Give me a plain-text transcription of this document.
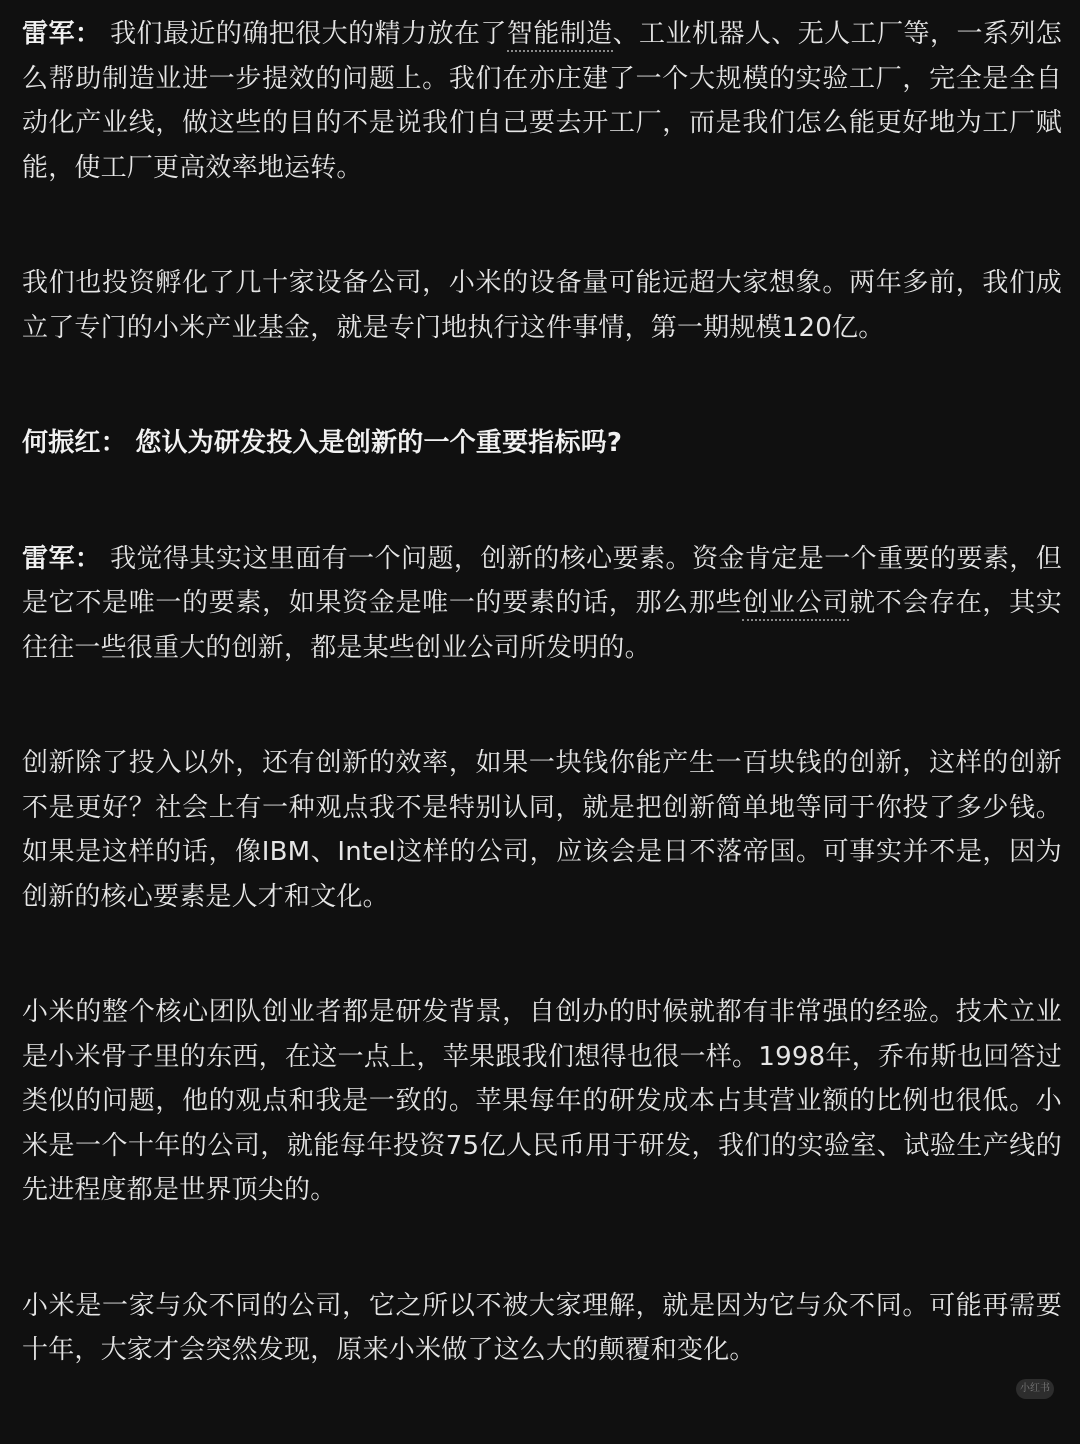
雷军： 我们最近的确把很大的精力放在了智能制造、工业机器人、无人工厂等，一系列怎么帮助制造业进一步提效的问题上。我们在亦庄建了一个大规模的实验工厂，完全是全自动化产业线，做这些的目的不是说我们自己要去开工厂，而是我们怎么能更好地为工厂赋能，使工厂更高效率地运转。

我们也投资孵化了几十家设备公司，小米的设备量可能远超大家想象。两年多前，我们成立了专门的小米产业基金，就是专门地执行这件事情，第一期规模120亿。

何振红： 您认为研发投入是创新的一个重要指标吗?

雷军： 我觉得其实这里面有一个问题，创新的核心要素。资金肯定是一个重要的要素，但是它不是唯一的要素，如果资金是唯一的要素的话，那么那些创业公司就不会存在，其实往往一些很重大的创新，都是某些创业公司所发明的。

创新除了投入以外，还有创新的效率，如果一块钱你能产生一百块钱的创新，这样的创新不是更好？社会上有一种观点我不是特别认同，就是把创新简单地等同于你投了多少钱。如果是这样的话，像IBM、Intel这样的公司，应该会是日不落帝国。可事实并不是，因为创新的核心要素是人才和文化。

小米的整个核心团队创业者都是研发背景，自创办的时候就都有非常强的经验。技术立业是小米骨子里的东西，在这一点上，苹果跟我们想得也很一样。1998年，乔布斯也回答过类似的问题，他的观点和我是一致的。苹果每年的研发成本占其营业额的比例也很低。小米是一个十年的公司，就能每年投资75亿人民币用于研发，我们的实验室、试验生产线的先进程度都是世界顶尖的。

小米是一家与众不同的公司，它之所以不被大家理解，就是因为它与众不同。可能再需要十年，大家才会突然发现，原来小米做了这么大的颠覆和变化。

小红书
